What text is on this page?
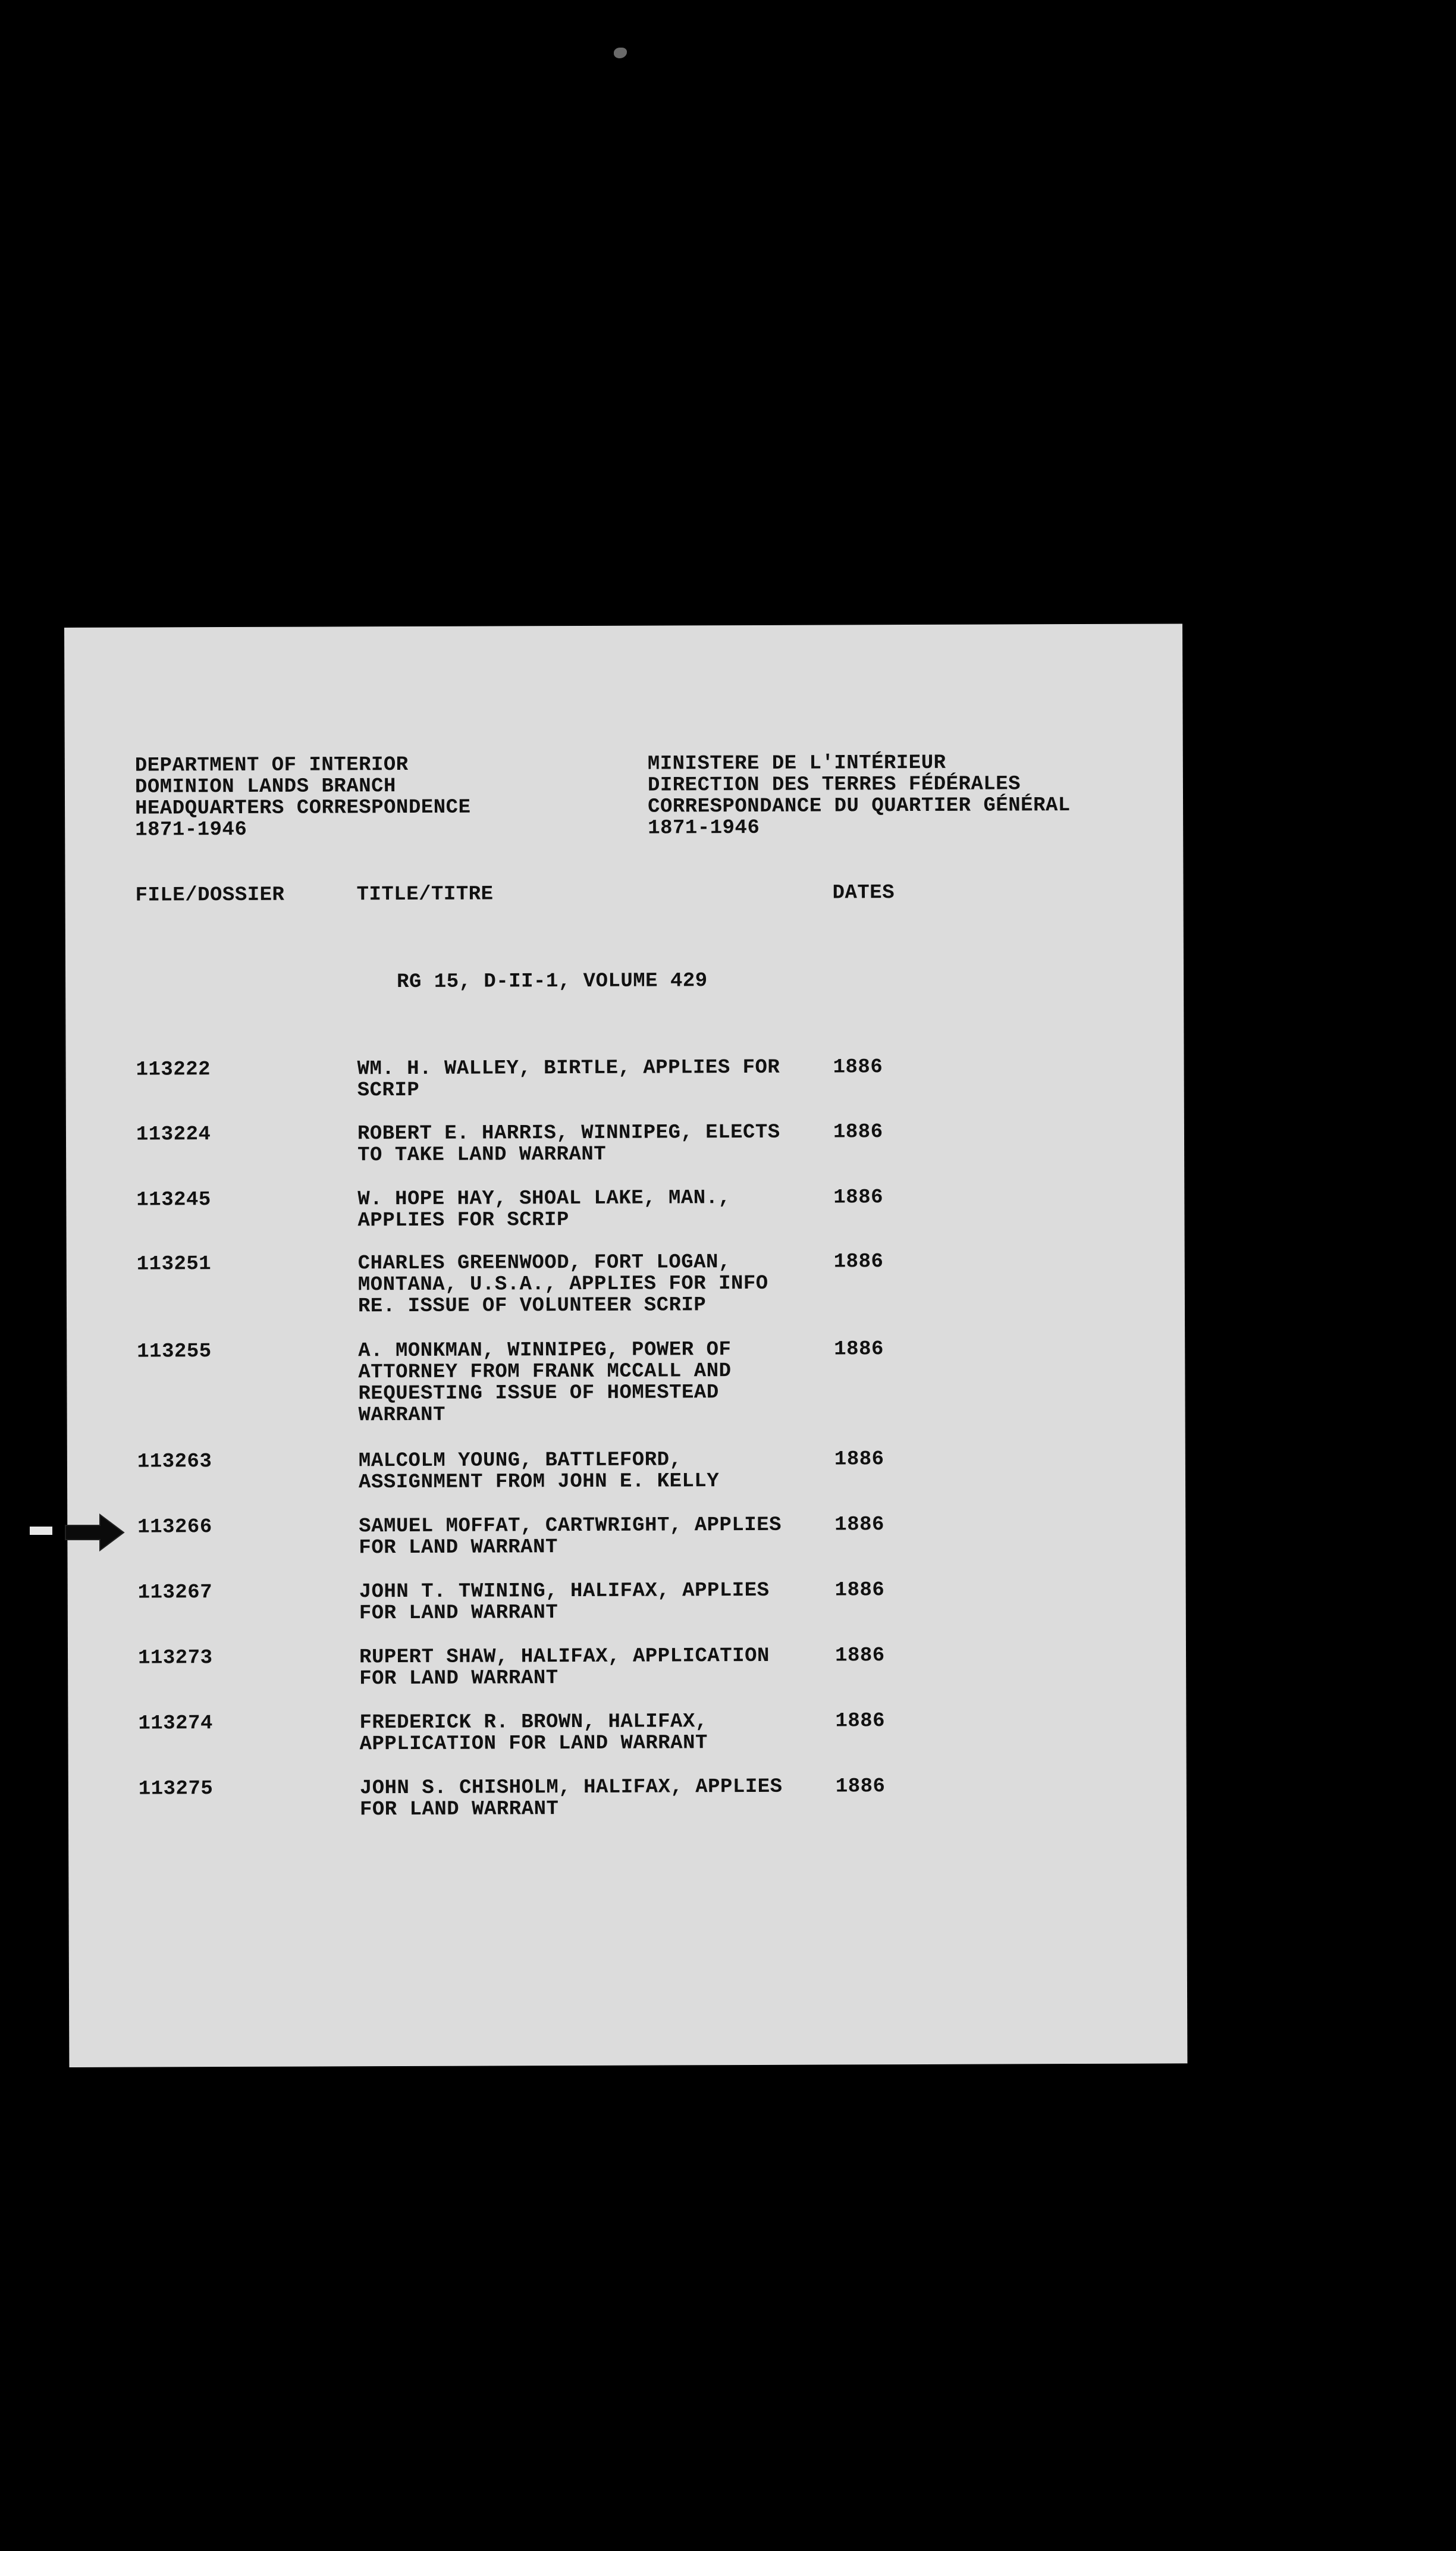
DEPARTMENT OF INTERIOR
DOMINION LANDS BRANCH
HEADQUARTERS CORRESPONDENCE
1871-1946
MINISTERE DE L'INTÉRIEUR
DIRECTION DES TERRES FÉDÉRALES
CORRESPONDANCE DU QUARTIER GÉNÉRAL
1871-1946
FILE/DOSSIER	TITLE/TITRE	DATES
RG 15, D-II-1, VOLUME 429
113222	WM. H. WALLEY, BIRTLE, APPLIES FOR
SCRIP
1886
113224	ROBERT E. HARRIS, WINNIPEG, ELECTS
TO TAKE LAND WARRANT
1886
113245	W. HOPE HAY, SHOAL LAKE, MAN.,
APPLIES FOR SCRIP
1886
113251	CHARLES GREENWOOD, FORT LOGAN,
MONTANA, U.S.A., APPLIES FOR INFO
RE. ISSUE OF VOLUNTEER SCRIP
1886
113255	A. MONKMAN, WINNIPEG, POWER OF
ATTORNEY FROM FRANK MCCALL AND
REQUESTING ISSUE OF HOMESTEAD
WARRANT
1886
113263	MALCOLM YOUNG, BATTLEFORD,
ASSIGNMENT FROM JOHN E. KELLY
1886
113266	SAMUEL MOFFAT, CARTWRIGHT, APPLIES
FOR LAND WARRANT
1886
113267	JOHN T. TWINING, HALIFAX, APPLIES
FOR LAND WARRANT
1886
113273	RUPERT SHAW, HALIFAX, APPLICATION
FOR LAND WARRANT
1886
113274	FREDERICK R. BROWN, HALIFAX,
APPLICATION FOR LAND WARRANT
1886
113275	JOHN S. CHISHOLM, HALIFAX, APPLIES
FOR LAND WARRANT
1886
